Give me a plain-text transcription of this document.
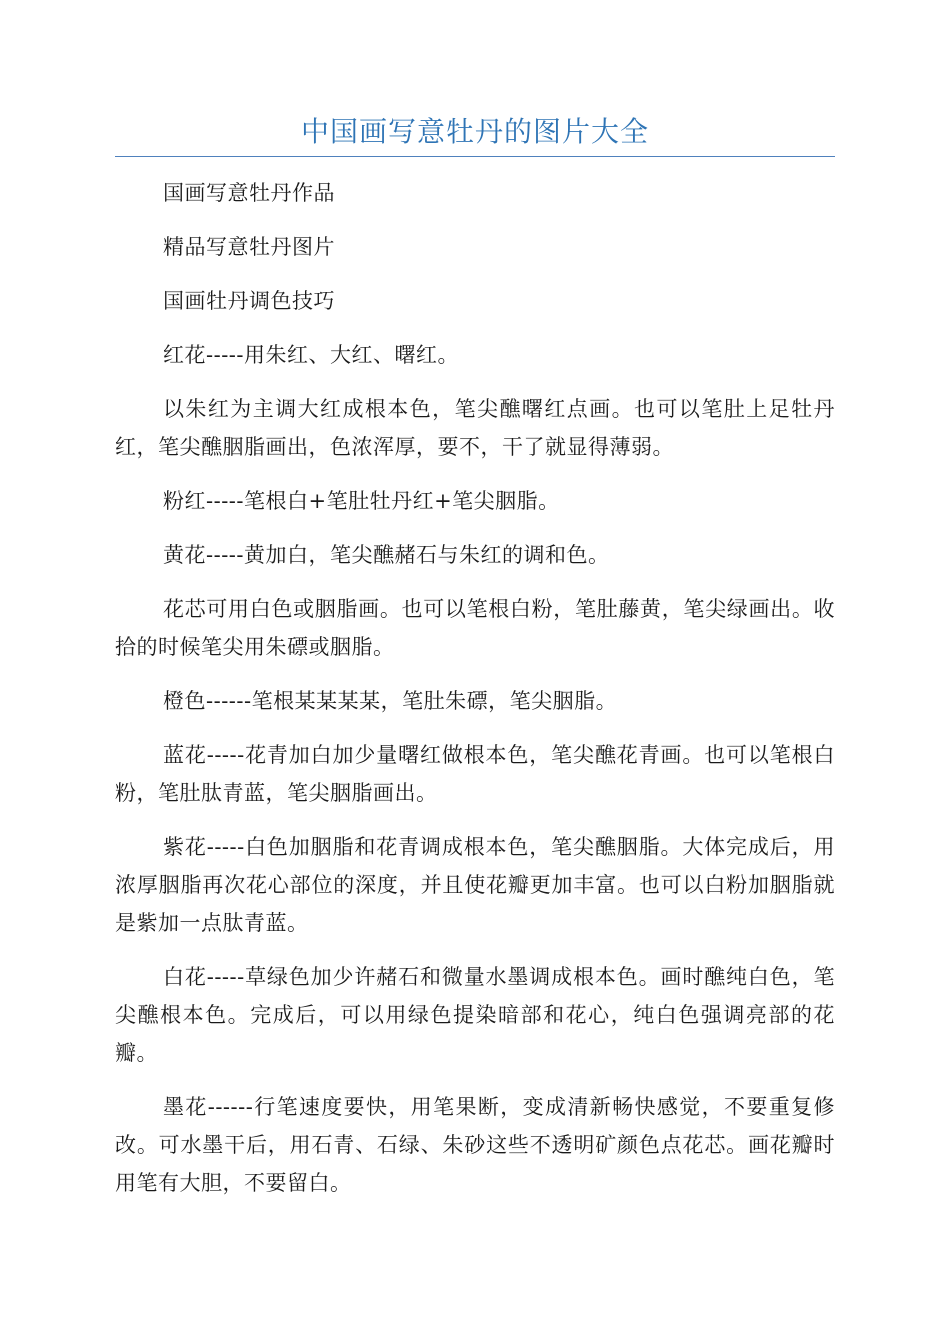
中国画写意牡丹的图片大全

国画写意牡丹作品

精品写意牡丹图片

国画牡丹调色技巧

红花-----用朱红、大红、曙红。

以朱红为主调大红成根本色，笔尖醮曙红点画。也可以笔肚上足牡丹红，笔尖醮胭脂画出，色浓浑厚，要不，干了就显得薄弱。

粉红-----笔根白+笔肚牡丹红+笔尖胭脂。

黄花-----黄加白，笔尖醮赭石与朱红的调和色。

花芯可用白色或胭脂画。也可以笔根白粉，笔肚藤黄，笔尖绿画出。收拾的时候笔尖用朱磦或胭脂。

橙色------笔根某某某某，笔肚朱磦，笔尖胭脂。

蓝花-----花青加白加少量曙红做根本色，笔尖醮花青画。也可以笔根白粉，笔肚肽青蓝，笔尖胭脂画出。

紫花-----白色加胭脂和花青调成根本色，笔尖醮胭脂。大体完成后，用浓厚胭脂再次花心部位的深度，并且使花瓣更加丰富。也可以白粉加胭脂就是紫加一点肽青蓝。

白花-----草绿色加少许赭石和微量水墨调成根本色。画时醮纯白色，笔尖醮根本色。完成后，可以用绿色提染暗部和花心，纯白色强调亮部的花瓣。

墨花------行笔速度要快，用笔果断，变成清新畅快感觉，不要重复修改。可水墨干后，用石青、石绿、朱砂这些不透明矿颜色点花芯。画花瓣时用笔有大胆，不要留白。
